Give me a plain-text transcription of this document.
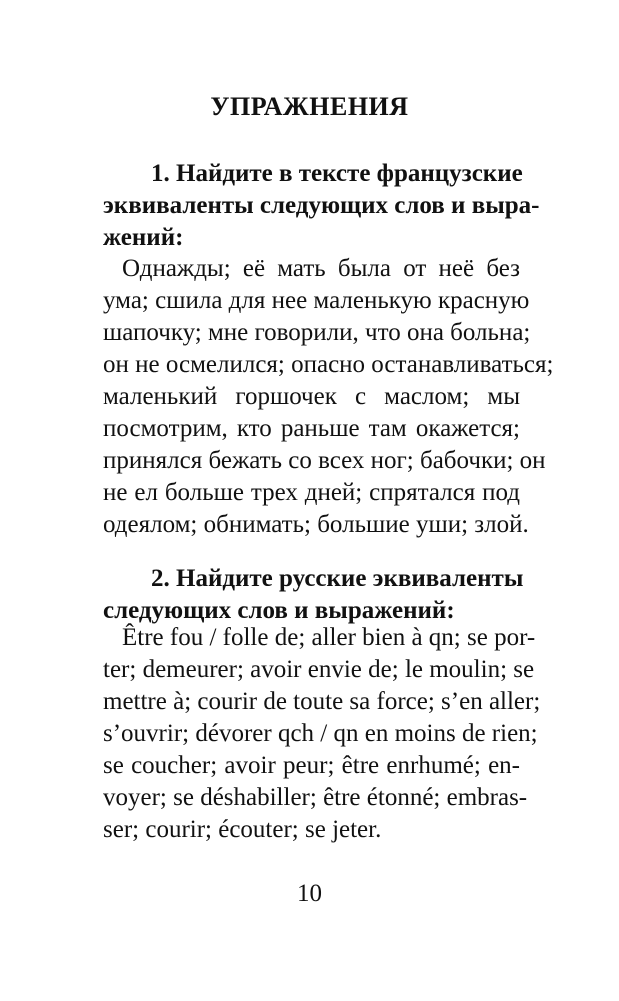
УПРАЖНЕНИЯ
1. Найдите в тексте французские
эквиваленты следующих слов и выра-
жений:
Однажды; её мать была от неё без
ума; сшила для нее маленькую красную
шапочку; мне говорили, что она больна;
он не осмелился; опасно останавливаться;
маленький горшочек с маслом; мы
посмотрим, кто раньше там окажется;
принялся бежать со всех ног; бабочки; он
не ел больше трех дней; спрятался под
одеялом; обнимать; большие уши; злой.
2. Найдите русские эквиваленты
следующих слов и выражений:
Être fou / folle de; aller bien à qn; se por-
ter; demeurer; avoir envie de; le moulin; se
mettre à; courir de toute sa force; s’en aller;
s’ouvrir; dévorer qch / qn en moins de rien;
se coucher; avoir peur; être enrhumé; en-
voyer; se déshabiller; être étonné; embras-
ser; courir; écouter; se jeter.
10
